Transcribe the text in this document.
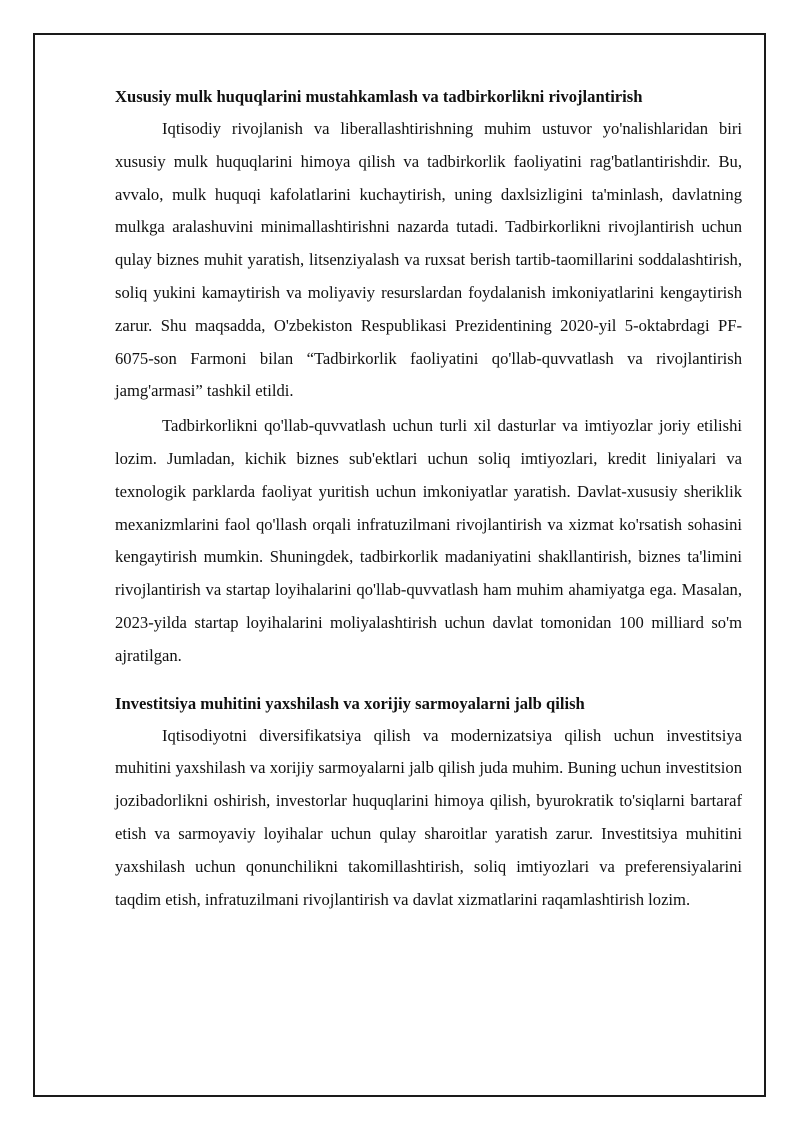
Xususiy mulk huquqlarini mustahkamlash va tadbirkorlikni rivojlantirish

Iqtisodiy rivojlanish va liberallashtirishning muhim ustuvor yo'nalishlaridan biri xususiy mulk huquqlarini himoya qilish va tadbirkorlik faoliyatini rag'batlantirishdir. Bu, avvalo, mulk huquqi kafolatlarini kuchaytirish, uning daxlsizligini ta'minlash, davlatning mulkga aralashuvini minimallashtirishni nazarda tutadi. Tadbirkorlikni rivojlantirish uchun qulay biznes muhit yaratish, litsenziyalash va ruxsat berish tartib-taomillarini soddalashtirish, soliq yukini kamaytirish va moliyaviy resurslardan foydalanish imkoniyatlarini kengaytirish zarur. Shu maqsadda, O'zbekiston Respublikasi Prezidentining 2020-yil 5-oktabrdagi PF-6075-son Farmoni bilan “Tadbirkorlik faoliyatini qo'llab-quvvatlash va rivojlantirish jamg'armasi” tashkil etildi.

Tadbirkorlikni qo'llab-quvvatlash uchun turli xil dasturlar va imtiyozlar joriy etilishi lozim. Jumladan, kichik biznes sub'ektlari uchun soliq imtiyozlari, kredit liniyalari va texnologik parklarda faoliyat yuritish uchun imkoniyatlar yaratish. Davlat-xususiy sheriklik mexanizmlarini faol qo'llash orqali infratuzilmani rivojlantirish va xizmat ko'rsatish sohasini kengaytirish mumkin. Shuningdek, tadbirkorlik madaniyatini shakllantirish, biznes ta'limini rivojlantirish va startap loyihalarini qo'llab-quvvatlash ham muhim ahamiyatga ega. Masalan, 2023-yilda startap loyihalarini moliyalashtirish uchun davlat tomonidan 100 milliard so'm ajratilgan.

Investitsiya muhitini yaxshilash va xorijiy sarmoyalarni jalb qilish

Iqtisodiyotni diversifikatsiya qilish va modernizatsiya qilish uchun investitsiya muhitini yaxshilash va xorijiy sarmoyalarni jalb qilish juda muhim. Buning uchun investitsion jozibadorlikni oshirish, investorlar huquqlarini himoya qilish, byurokratik to'siqlarni bartaraf etish va sarmoyaviy loyihalar uchun qulay sharoitlar yaratish zarur. Investitsiya muhitini yaxshilash uchun qonunchilikni takomillashtirish, soliq imtiyozlari va preferensiyalarini taqdim etish, infratuzilmani rivojlantirish va davlat xizmatlarini raqamlashtirish lozim.
